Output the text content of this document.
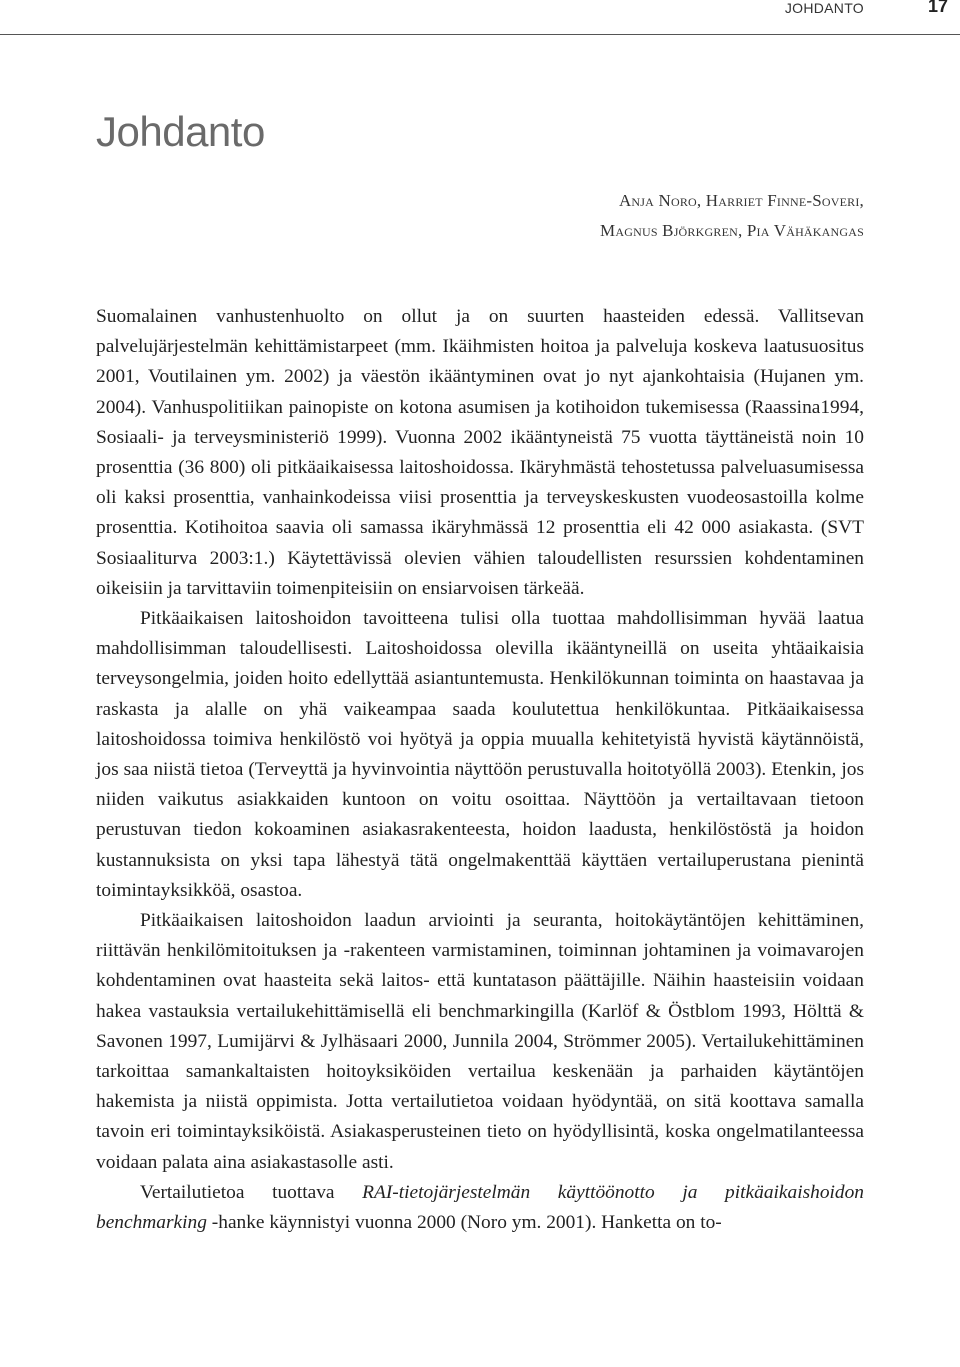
JOHDANTO	17
Johdanto
Anja Noro, Harriet Finne-Soveri,
Magnus Björkgren, Pia Vähäkangas

Suomalainen vanhustenhuolto on ollut ja on suurten haasteiden edessä. Vallitsevan palvelujärjestelmän kehittämistarpeet (mm. Ikäihmisten hoitoa ja palveluja koskeva laatusuositus 2001, Voutilainen ym. 2002) ja väestön ikääntyminen ovat jo nyt ajankohtaisia (Hujanen ym. 2004). Vanhuspolitiikan painopiste on kotona asumisen ja kotihoidon tukemisessa (Raassina1994, Sosiaali- ja terveysministeriö 1999). Vuonna 2002 ikääntyneistä 75 vuotta täyttäneistä noin 10 prosenttia (36 800) oli pitkäaikaisessa laitoshoidossa. Ikäryhmästä tehostetussa palveluasumisessa oli kaksi prosenttia, vanhainkodeissa viisi prosenttia ja terveyskeskusten vuodeosastoilla kolme prosenttia. Kotihoitoa saavia oli samassa ikäryhmässä 12 prosenttia eli 42 000 asiakasta. (SVT Sosiaaliturva 2003:1.) Käytettävissä olevien vähien taloudellisten resurssien kohdentaminen oikeisiin ja tarvittaviin toimenpiteisiin on ensiarvoisen tärkeää.

Pitkäaikaisen laitoshoidon tavoitteena tulisi olla tuottaa mahdollisimman hyvää laatua mahdollisimman taloudellisesti. Laitoshoidossa olevilla ikääntyneillä on useita yhtäaikaisia terveysongelmia, joiden hoito edellyttää asiantuntemusta. Henkilökunnan toiminta on haastavaa ja raskasta ja alalle on yhä vaikeampaa saada koulutettua henkilökuntaa. Pitkäaikaisessa laitoshoidossa toimiva henkilöstö voi hyötyä ja oppia muualla kehitetyistä hyvistä käytännöistä, jos saa niistä tietoa (Terveyttä ja hyvinvointia näyttöön perustuvalla hoitotyöllä 2003). Etenkin, jos niiden vaikutus asiakkaiden kuntoon on voitu osoittaa. Näyttöön ja vertailtavaan tietoon perustuvan tiedon kokoaminen asiakasrakenteesta, hoidon laadusta, henkilöstöstä ja hoidon kustannuksista on yksi tapa lähestyä tätä ongelmakenttää käyttäen vertailuperustana pienintä toimintayksikköä, osastoa.

Pitkäaikaisen laitoshoidon laadun arviointi ja seuranta, hoitokäytäntöjen kehittäminen, riittävän henkilömitoituksen ja -rakenteen varmistaminen, toiminnan johtaminen ja voimavarojen kohdentaminen ovat haasteita sekä laitos- että kuntatason päättäjille. Näihin haasteisiin voidaan hakea vastauksia vertailukehittämisellä eli benchmarkingilla (Karlöf & Östblom 1993, Hölttä & Savonen 1997, Lumijärvi & Jylhäsaari 2000, Junnila 2004, Strömmer 2005). Vertailukehittäminen tarkoittaa samankaltaisten hoitoyksiköiden vertailua keskenään ja parhaiden käytäntöjen hakemista ja niistä oppimista. Jotta vertailutietoa voidaan hyödyntää, on sitä koottava samalla tavoin eri toimintayksiköistä. Asiakasperusteinen tieto on hyödyllisintä, koska ongelmatilanteessa voidaan palata aina asiakastasolle asti.

Vertailutietoa tuottava RAI-tietojärjestelmän käyttöönotto ja pitkäaikaishoidon benchmarking -hanke käynnistyi vuonna 2000 (Noro ym. 2001). Hanketta on to-
